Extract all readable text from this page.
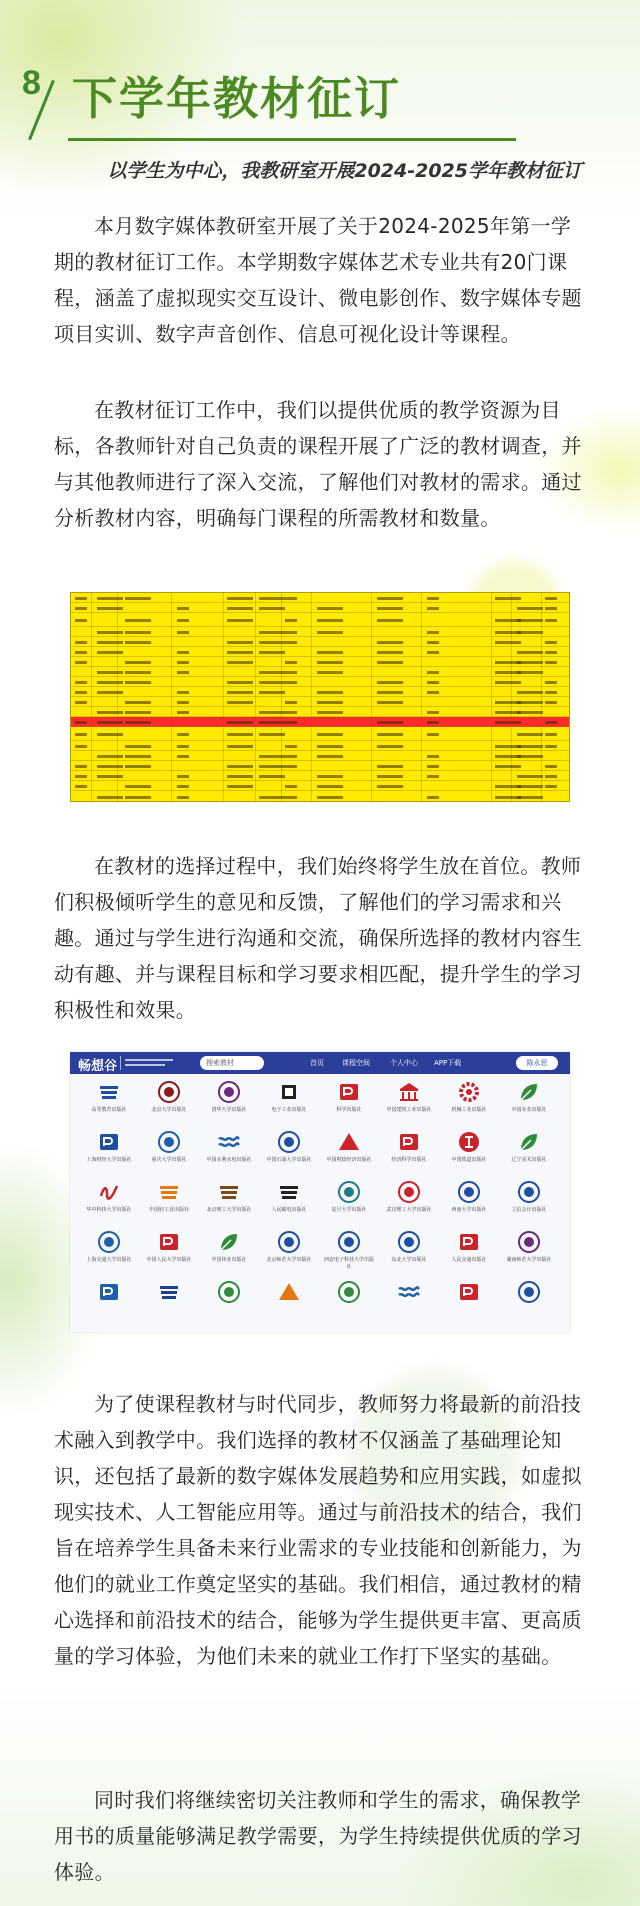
8 下学年教材征订
以学生为中心，我教研室开展2024-2025学年教材征订

本月数字媒体教研室开展了关于2024-2025年第一学期的教材征订工作。本学期数字媒体艺术专业共有20门课程，涵盖了虚拟现实交互设计、微电影创作、数字媒体专题项目实训、数字声音创作、信息可视化设计等课程。

在教材征订工作中，我们以提供优质的教学资源为目标，各教师针对自己负责的课程开展了广泛的教材调查，并与其他教师进行了深入交流，了解他们对教材的需求。通过分析教材内容，明确每门课程的所需教材和数量。

在教材的选择过程中，我们始终将学生放在首位。教师们积极倾听学生的意见和反馈，了解他们的学习需求和兴趣。通过与学生进行沟通和交流，确保所选择的教材内容生动有趣、并与课程目标和学习要求相匹配，提升学生的学习积极性和效果。

畅想谷	搜索教材	首页	课程空间	个人中心 APP下载	陈永思
高等教育出版社	北京大学出版社	清华大学出版社	电子工业出版社	科学出版社	中国建筑工业出版社	机械工业出版社	中国农业出版社
上海财经大学出版社	重庆大学出版社	中国水利水电出版社	中国石油大学出版社	中国财政经济出版社	经济科学出版社	中国铁道出版社	辽宁美术出版社
华中科技大学出版社	中国轻工业出版社	北京理工大学出版社	人民邮电出版社	复旦大学出版社	武汉理工大学出版社	西南大学出版社	立信会计出版社
上海交通大学出版社	中国人民大学出版社	中国林业出版社	北京师范大学出版社	西安电子科技大学出版社
东北大学出版社	人民交通出版社	湖南师范大学出版社

为了使课程教材与时代同步，教师努力将最新的前沿技术融入到教学中。我们选择的教材不仅涵盖了基础理论知识，还包括了最新的数字媒体发展趋势和应用实践，如虚拟现实技术、人工智能应用等。通过与前沿技术的结合，我们旨在培养学生具备未来行业需求的专业技能和创新能力，为他们的就业工作奠定坚实的基础。我们相信，通过教材的精心选择和前沿技术的结合，能够为学生提供更丰富、更高质量的学习体验，为他们未来的就业工作打下坚实的基础。

同时我们将继续密切关注教师和学生的需求，确保教学用书的质量能够满足教学需要，为学生持续提供优质的学习体验。
